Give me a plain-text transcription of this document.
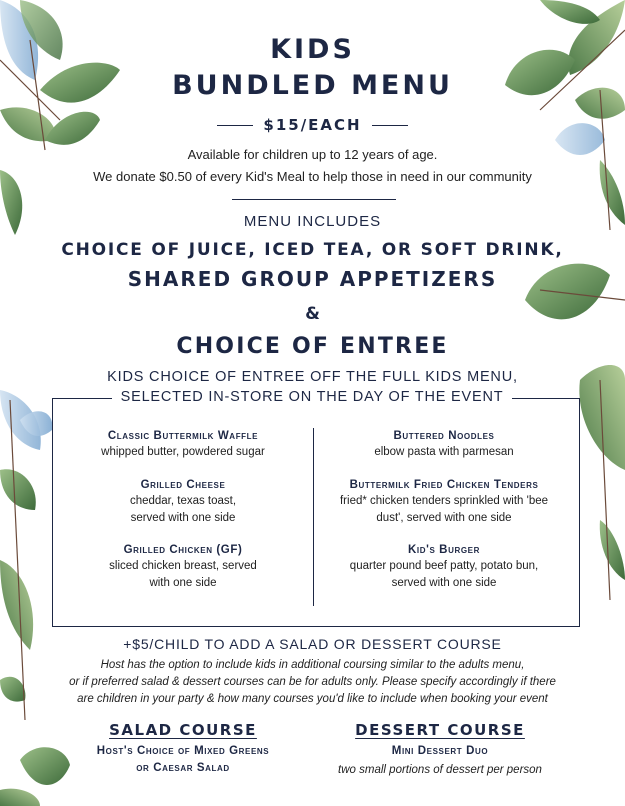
KIDS
BUNDLED MENU
$15/EACH
Available for children up to 12 years of age.
We donate $0.50 of every Kid's Meal to help those in need in our community
MENU INCLUDES
CHOICE OF JUICE, ICED TEA, OR SOFT DRINK,
SHARED GROUP APPETIZERS
&
CHOICE OF ENTREE
KIDS CHOICE OF ENTREE OFF THE FULL KIDS MENU,
SELECTED IN-STORE ON THE DAY OF THE EVENT
Classic Buttermilk Waffle
whipped butter, powdered sugar
Grilled Cheese
cheddar, texas toast,
served with one side
Grilled Chicken (GF)
sliced chicken breast, served
with one side
Buttered Noodles
elbow pasta with parmesan
Buttermilk Fried Chicken Tenders
fried* chicken tenders sprinkled with 'bee
dust', served with one side
Kid's Burger
quarter pound beef patty, potato bun,
served with one side
+$5/CHILD TO ADD A SALAD OR DESSERT COURSE
Host has the option to include kids in additional coursing similar to the adults menu,
or if preferred salad & dessert courses can be for adults only. Please specify accordingly if there
are children in your party & how many courses you'd like to include when booking your event
SALAD COURSE
Host's Choice of Mixed Greens
or Caesar Salad
DESSERT COURSE
Mini Dessert Duo
two small portions of dessert per person
